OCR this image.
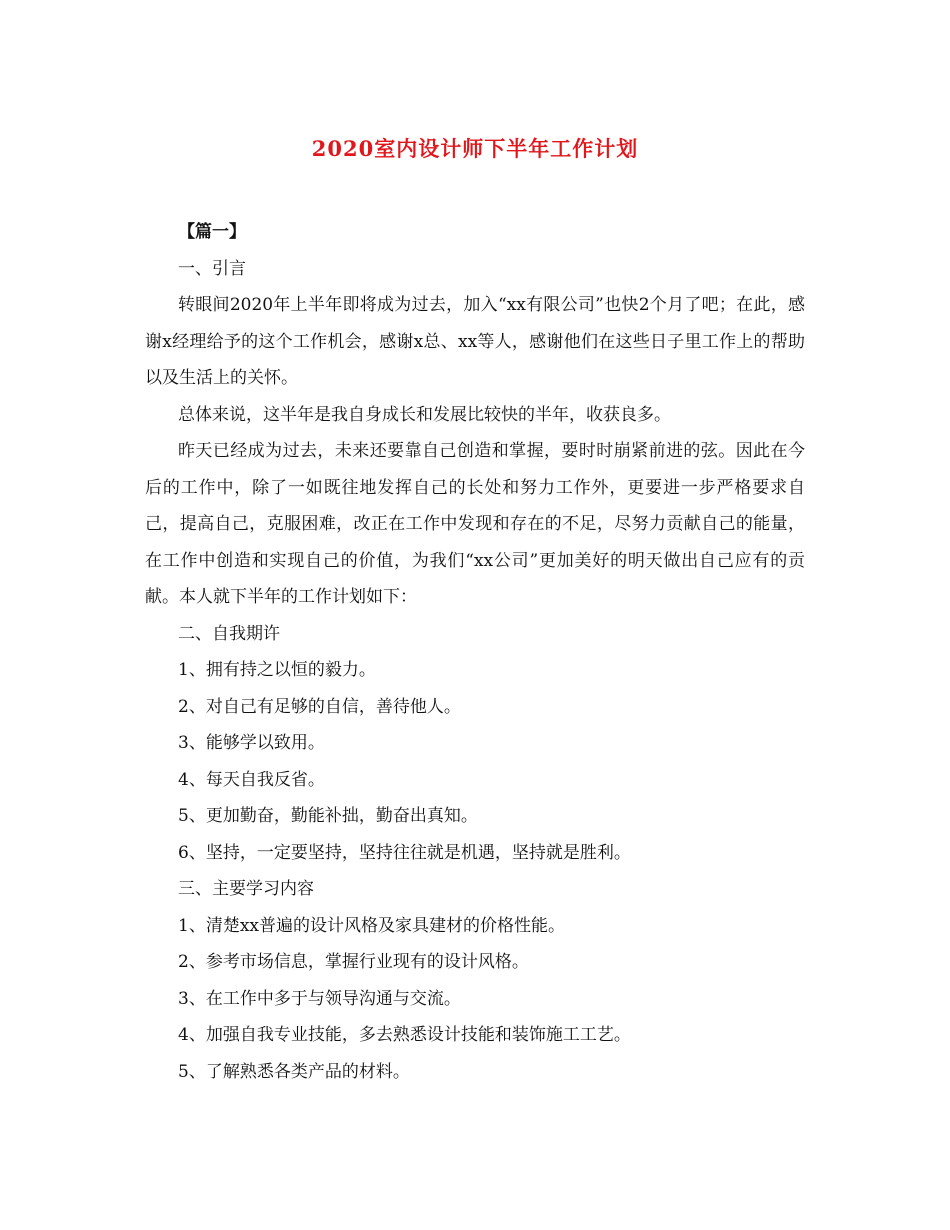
2020室内设计师下半年工作计划

【篇一】

一、引言

转眼间2020年上半年即将成为过去，加入“xx有限公司”也快2个月了吧；在此，感谢x经理给予的这个工作机会，感谢x总、xx等人，感谢他们在这些日子里工作上的帮助以及生活上的关怀。

总体来说，这半年是我自身成长和发展比较快的半年，收获良多。

昨天已经成为过去，未来还要靠自己创造和掌握，要时时崩紧前进的弦。因此在今后的工作中，除了一如既往地发挥自己的长处和努力工作外，更要进一步严格要求自己，提高自己，克服困难，改正在工作中发现和存在的不足，尽努力贡献自己的能量，在工作中创造和实现自己的价值，为我们“xx公司”更加美好的明天做出自己应有的贡献。本人就下半年的工作计划如下：

二、自我期许

1、拥有持之以恒的毅力。

2、对自己有足够的自信，善待他人。

3、能够学以致用。

4、每天自我反省。

5、更加勤奋，勤能补拙，勤奋出真知。

6、坚持，一定要坚持，坚持往往就是机遇，坚持就是胜利。

三、主要学习内容

1、清楚xx普遍的设计风格及家具建材的价格性能。

2、参考市场信息，掌握行业现有的设计风格。

3、在工作中多于与领导沟通与交流。

4、加强自我专业技能，多去熟悉设计技能和装饰施工工艺。

5、了解熟悉各类产品的材料。
